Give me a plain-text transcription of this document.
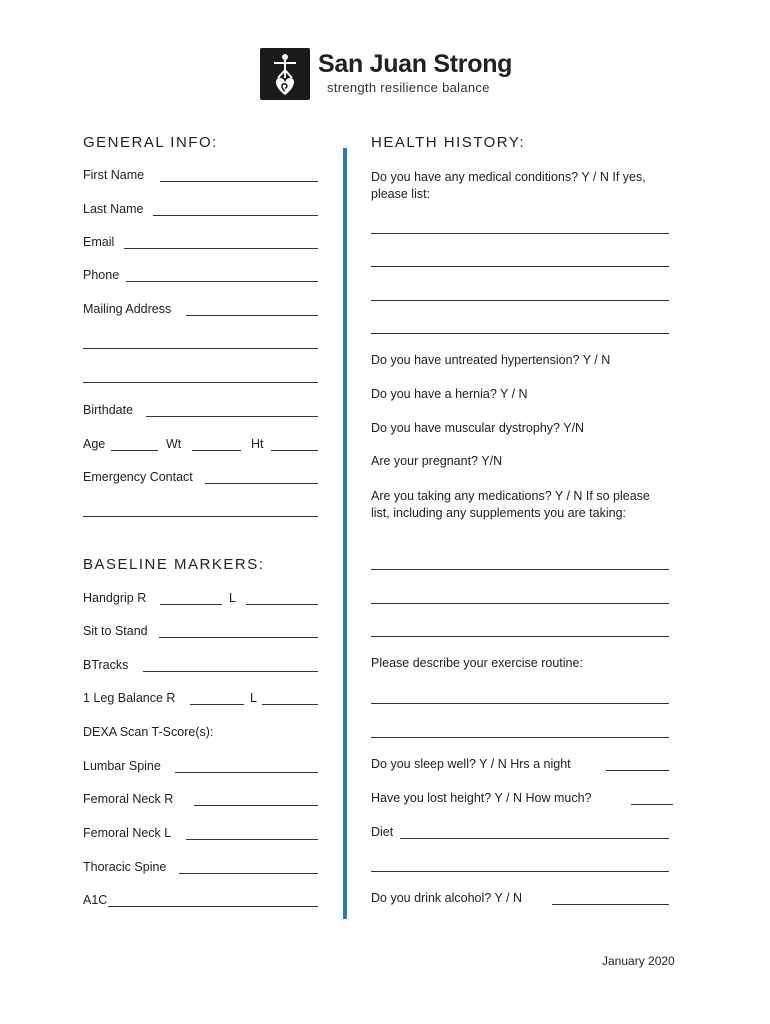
San Juan Strong
strength resilience balance
GENERAL INFO:
First Name
Last Name
Email
Phone
Mailing Address
Birthdate
Age	Wt	Ht
Emergency Contact
BASELINE MARKERS:
Handgrip R	L
Sit to Stand
BTracks
1 Leg Balance R	L
DEXA Scan T-Score(s):
Lumbar Spine
Femoral Neck R
Femoral Neck L
Thoracic Spine
A1C
HEALTH HISTORY:
Do you have any medical conditions? Y / N If yes, please list:
Do you have untreated hypertension? Y / N
Do you have a hernia? Y / N
Do you have muscular dystrophy? Y/N
Are your pregnant? Y/N
Are you taking any medications? Y / N If so please list, including any supplements you are taking:
Please describe your exercise routine:
Do you sleep well? Y / N Hrs a night
Have you lost height? Y / N How much?
Diet
Do you drink alcohol? Y / N
January 2020
